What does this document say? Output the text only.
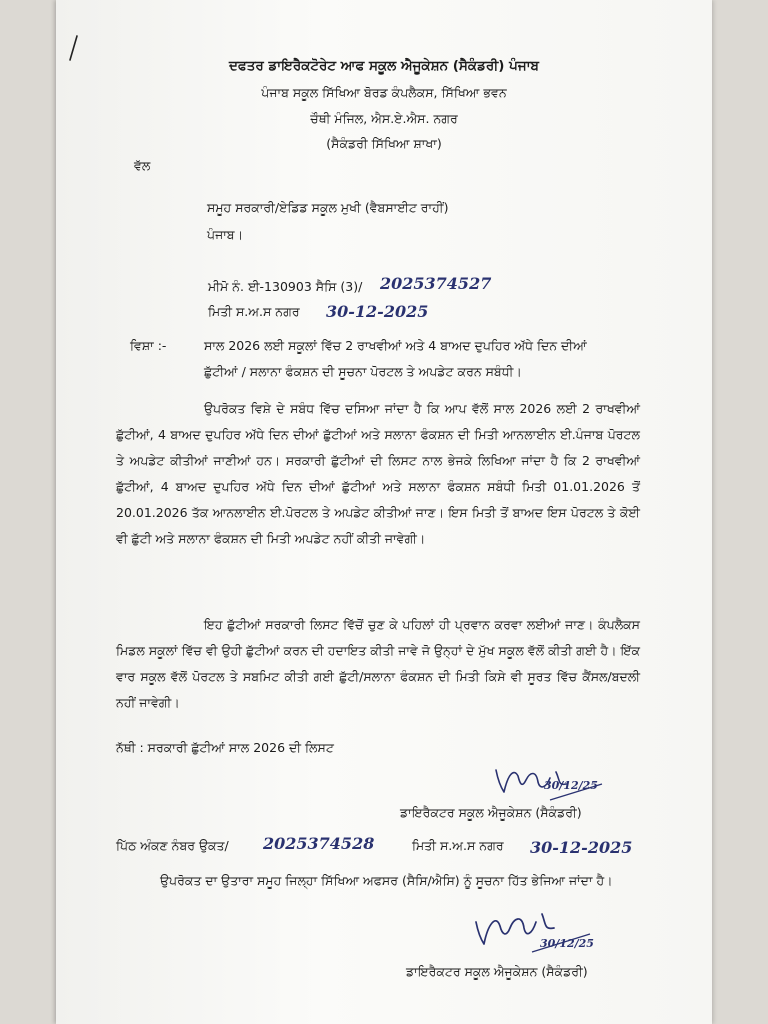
ਦਫਤਰ ਡਾਇਰੈਕਟੋਰੇਟ ਆਫ ਸਕੂਲ ਐਜੂਕੇਸ਼ਨ (ਸੈਕੰਡਰੀ) ਪੰਜਾਬ
ਪੰਜਾਬ ਸਕੂਲ ਸਿੱਖਿਆ ਬੋਰਡ ਕੰਪਲੈਕਸ, ਸਿੱਖਿਆ ਭਵਨ
ਚੌਥੀ ਮੰਜਿਲ, ਐਸ.ਏ.ਐਸ. ਨਗਰ
(ਸੈਕੰਡਰੀ ਸਿੱਖਿਆ ਸ਼ਾਖਾ)
ਵੱਲ
ਸਮੂਹ ਸਰਕਾਰੀ/ਏਡਿਡ ਸਕੂਲ ਮੁਖੀ (ਵੈਬਸਾਈਟ ਰਾਹੀਂ)
ਪੰਜਾਬ।
ਮੀਮੋ ਨੰ. ਈ-130903 ਸੈਸਿ (3)/ 2025374527
ਮਿਤੀ ਸ.ਅ.ਸ ਨਗਰ 30-12-2025
ਵਿਸ਼ਾ :-	ਸਾਲ 2026 ਲਈ ਸਕੂਲਾਂ ਵਿੱਚ 2 ਰਾਖਵੀਆਂ ਅਤੇ 4 ਬਾਅਦ ਦੁਪਹਿਰ ਅੱਧੇ ਦਿਨ ਦੀਆਂ
ਛੁੱਟੀਆਂ / ਸਲਾਨਾ ਫੰਕਸ਼ਨ ਦੀ ਸੂਚਨਾ ਪੋਰਟਲ ਤੇ ਅਪਡੇਟ ਕਰਨ ਸਬੰਧੀ।
ਉਪਰੋਕਤ ਵਿਸ਼ੇ ਦੇ ਸਬੰਧ ਵਿੱਚ ਦਸਿਆ ਜਾਂਦਾ ਹੈ ਕਿ ਆਪ ਵੱਲੋਂ ਸਾਲ 2026 ਲਈ 2 ਰਾਖਵੀਆਂ ਛੁੱਟੀਆਂ, 4 ਬਾਅਦ ਦੁਪਹਿਰ ਅੱਧੇ ਦਿਨ ਦੀਆਂ ਛੁੱਟੀਆਂ ਅਤੇ ਸਲਾਨਾ ਫੰਕਸ਼ਨ ਦੀ ਮਿਤੀ ਆਨਲਾਈਨ ਈ.ਪੰਜਾਬ ਪੋਰਟਲ ਤੇ ਅਪਡੇਟ ਕੀਤੀਆਂ ਜਾਣੀਆਂ ਹਨ। ਸਰਕਾਰੀ ਛੁੱਟੀਆਂ ਦੀ ਲਿਸਟ ਨਾਲ ਭੇਜਕੇ ਲਿਖਿਆ ਜਾਂਦਾ ਹੈ ਕਿ 2 ਰਾਖਵੀਆਂ ਛੁੱਟੀਆਂ, 4 ਬਾਅਦ ਦੁਪਹਿਰ ਅੱਧੇ ਦਿਨ ਦੀਆਂ ਛੁੱਟੀਆਂ ਅਤੇ ਸਲਾਨਾ ਫੰਕਸ਼ਨ ਸਬੰਧੀ ਮਿਤੀ 01.01.2026 ਤੋਂ 20.01.2026 ਤੱਕ ਆਨਲਾਈਨ ਈ.ਪੋਰਟਲ ਤੇ ਅਪਡੇਟ ਕੀਤੀਆਂ ਜਾਣ। ਇਸ ਮਿਤੀ ਤੋਂ ਬਾਅਦ ਇਸ ਪੋਰਟਲ ਤੇ ਕੋਈ ਵੀ ਛੁੱਟੀ ਅਤੇ ਸਲਾਨਾ ਫੰਕਸ਼ਨ ਦੀ ਮਿਤੀ ਅਪਡੇਟ ਨਹੀਂ ਕੀਤੀ ਜਾਵੇਗੀ।
ਇਹ ਛੁੱਟੀਆਂ ਸਰਕਾਰੀ ਲਿਸਟ ਵਿੱਚੋਂ ਚੁਣ ਕੇ ਪਹਿਲਾਂ ਹੀ ਪ੍ਰਵਾਨ ਕਰਵਾ ਲਈਆਂ ਜਾਣ। ਕੰਪਲੈਕਸ ਮਿਡਲ ਸਕੂਲਾਂ ਵਿੱਚ ਵੀ ਉਹੀ ਛੁੱਟੀਆਂ ਕਰਨ ਦੀ ਹਦਾਇਤ ਕੀਤੀ ਜਾਵੇ ਜੋ ਉਨ੍ਹਾਂ ਦੇ ਮੁੱਖ ਸਕੂਲ ਵੱਲੋਂ ਕੀਤੀ ਗਈ ਹੈ। ਇੱਕ ਵਾਰ ਸਕੂਲ ਵੱਲੋਂ ਪੋਰਟਲ ਤੇ ਸਬਮਿਟ ਕੀਤੀ ਗਈ ਛੁੱਟੀ/ਸਲਾਨਾ ਫੰਕਸ਼ਨ ਦੀ ਮਿਤੀ ਕਿਸੇ ਵੀ ਸੂਰਤ ਵਿੱਚ ਕੈਂਸਲ/ਬਦਲੀ ਨਹੀਂ ਜਾਵੇਗੀ।
ਨੱਥੀ : ਸਰਕਾਰੀ ਛੁੱਟੀਆਂ ਸਾਲ 2026 ਦੀ ਲਿਸਟ
30/12/25
ਡਾਇਰੈਕਟਰ ਸਕੂਲ ਐਜੂਕੇਸ਼ਨ (ਸੈਕੰਡਰੀ)
ਪਿੱਠ ਅੰਕਣ ਨੰਬਰ ਉਕਤ/ 2025374528	ਮਿਤੀ ਸ.ਅ.ਸ ਨਗਰ 30-12-2025
ਉਪਰੋਕਤ ਦਾ ਉਤਾਰਾ ਸਮੂਹ ਜਿਲ੍ਹਾ ਸਿੱਖਿਆ ਅਫਸਰ (ਸੈਸਿ/ਐਸਿ) ਨੂੰ ਸੂਚਨਾ ਹਿੱਤ ਭੇਜਿਆ ਜਾਂਦਾ ਹੈ।
30/12/25
ਡਾਇਰੈਕਟਰ ਸਕੂਲ ਐਜੂਕੇਸ਼ਨ (ਸੈਕੰਡਰੀ)
